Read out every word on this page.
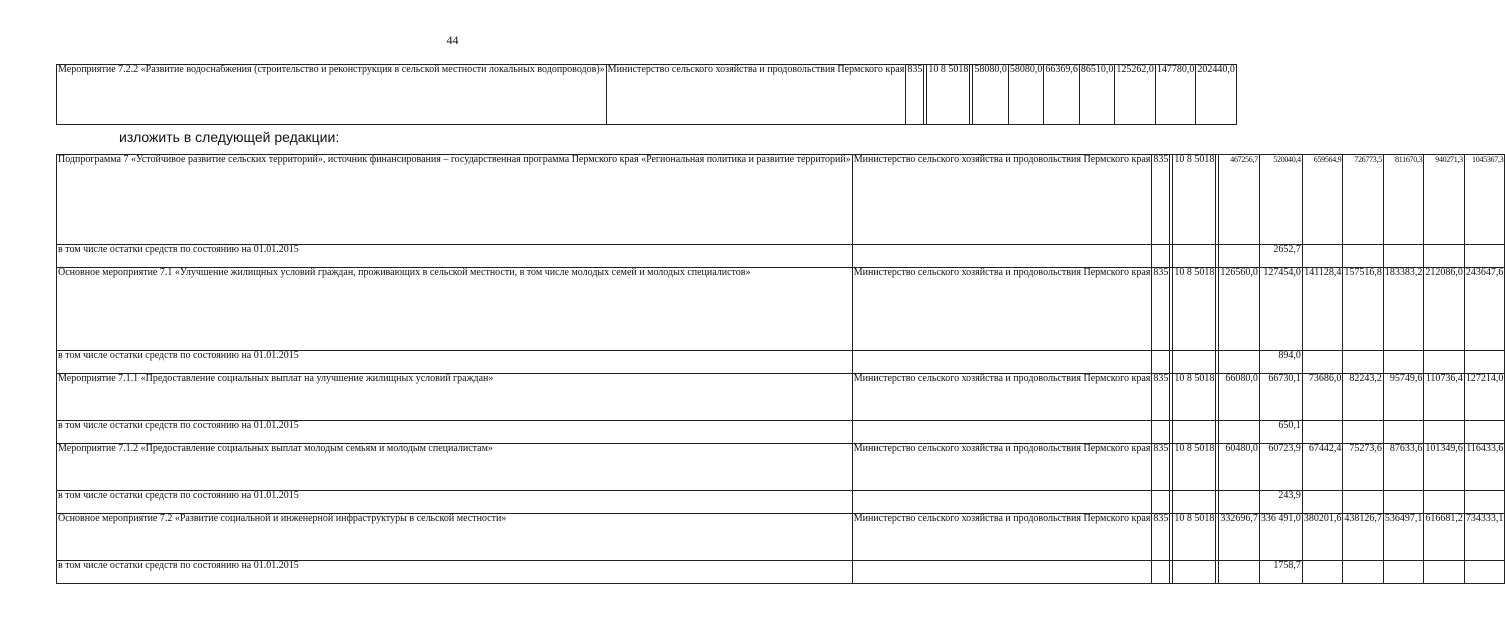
44
Мероприятие 7.2.2 «Развитие водоснабжения (строительство и реконструкция в сельской местности локальных водопроводов)»	Министерство сельского хозяйства и продовольствия Пермского края	835		10 8 5018		58080,0	58080,0	66369,6	86510,0	125262,0	147780,0	202440,0
изложить в следующей редакции:
Подпрограмма 7 «Устойчивое развитие сельских территорий», источник финансирования – государственная программа Пермского края «Региональная политика и развитие территорий»	Министерство сельского хозяйства и продовольствия Пермского края	835		10 8 5018		467256,7	520040,4	659564,9	726773,5	811670,3	940271,3	1045367,3
в том числе остатки средств по состоянию на 01.01.2015							2652,7					
Основное мероприятие 7.1 «Улучшение жилищных условий граждан, проживающих в сельской местности, в том числе молодых семей и молодых специалистов»	Министерство сельского хозяйства и продовольствия Пермского края	835		10 8 5018		126560,0	127454,0	141128,4	157516,8	183383,2	212086,0	243647,6
в том числе остатки средств по состоянию на 01.01.2015							894,0					
Мероприятие 7.1.1 «Предоставление социальных выплат на улучшение жилищных условий граждан»	Министерство сельского хозяйства и продовольствия Пермского края	835		10 8 5018		66080,0	66730,1	73686,0	82243,2	95749,6	110736,4	127214,0
в том числе остатки средств по состоянию на 01.01.2015							650,1					
Мероприятие 7.1.2 «Предоставление социальных выплат молодым семьям и молодым специалистам»	Министерство сельского хозяйства и продовольствия Пермского края	835		10 8 5018		60480,0	60723,9	67442,4	75273,6	87633,6	101349,6	116433,6
в том числе остатки средств по состоянию на 01.01.2015							243,9					
Основное мероприятие 7.2 «Развитие социальной и инженерной инфраструктуры в сельской местности»	Министерство сельского хозяйства и продовольствия Пермского края	835		10 8 5018		332696,7	336 491,0	380201,6	438126,7	536497,1	616681,2	734333,1
в том числе остатки средств по состоянию на 01.01.2015							1758,7					
